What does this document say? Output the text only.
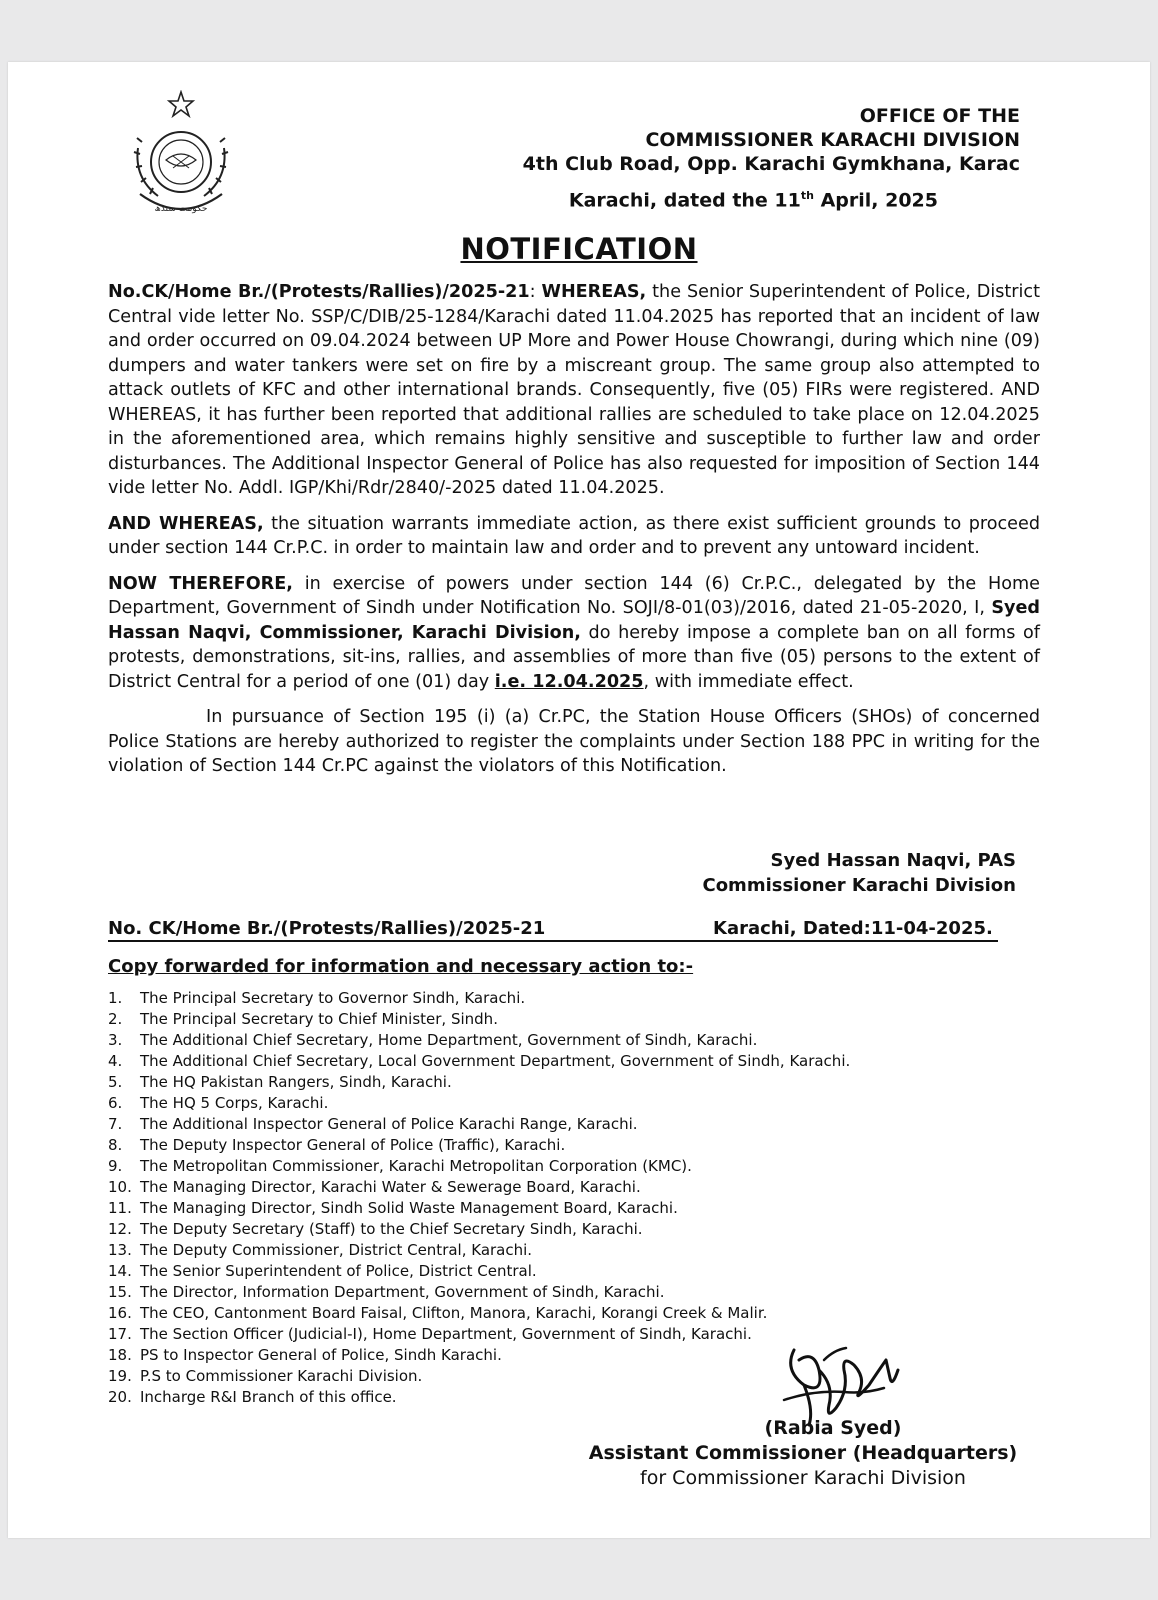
حکومت سندھ
OFFICE OF THE
COMMISSIONER KARACHI DIVISION
4th Club Road, Opp. Karachi Gymkhana, Karac
Karachi, dated the 11th April, 2025
NOTIFICATION

No.CK/Home Br./(Protests/Rallies)/2025-21: WHEREAS, the Senior Superintendent of Police, District Central vide letter No. SSP/C/DIB/25-1284/Karachi dated 11.04.2025 has reported that an incident of law and order occurred on 09.04.2024 between UP More and Power House Chowrangi, during which nine (09) dumpers and water tankers were set on fire by a miscreant group. The same group also attempted to attack outlets of KFC and other international brands. Consequently, five (05) FIRs were registered. AND WHEREAS, it has further been reported that additional rallies are scheduled to take place on 12.04.2025 in the aforementioned area, which remains highly sensitive and susceptible to further law and order disturbances. The Additional Inspector General of Police has also requested for imposition of Section 144 vide letter No. Addl. IGP/Khi/Rdr/2840/-2025 dated 11.04.2025.

AND WHEREAS, the situation warrants immediate action, as there exist sufficient grounds to proceed under section 144 Cr.P.C. in order to maintain law and order and to prevent any untoward incident.

NOW THEREFORE, in exercise of powers under section 144 (6) Cr.P.C., delegated by the Home Department, Government of Sindh under Notification No. SOJI/8-01(03)/2016, dated 21-05-2020, I, Syed Hassan Naqvi, Commissioner, Karachi Division, do hereby impose a complete ban on all forms of protests, demonstrations, sit-ins, rallies, and assemblies of more than five (05) persons to the extent of District Central for a period of one (01) day i.e. 12.04.2025, with immediate effect.

In pursuance of Section 195 (i) (a) Cr.PC, the Station House Officers (SHOs) of concerned Police Stations are hereby authorized to register the complaints under Section 188 PPC in writing for the violation of Section 144 Cr.PC against the violators of this Notification.

Syed Hassan Naqvi, PAS
Commissioner Karachi Division
No. CK/Home Br./(Protests/Rallies)/2025-21	Karachi, Dated:11-04-2025.
Copy forwarded for information and necessary action to:-
1. The Principal Secretary to Governor Sindh, Karachi.
2. The Principal Secretary to Chief Minister, Sindh.
3. The Additional Chief Secretary, Home Department, Government of Sindh, Karachi.
4. The Additional Chief Secretary, Local Government Department, Government of Sindh, Karachi.
5. The HQ Pakistan Rangers, Sindh, Karachi.
6. The HQ 5 Corps, Karachi.
7. The Additional Inspector General of Police Karachi Range, Karachi.
8. The Deputy Inspector General of Police (Traffic), Karachi.
9. The Metropolitan Commissioner, Karachi Metropolitan Corporation (KMC).
10. The Managing Director, Karachi Water & Sewerage Board, Karachi.
11. The Managing Director, Sindh Solid Waste Management Board, Karachi.
12. The Deputy Secretary (Staff) to the Chief Secretary Sindh, Karachi.
13. The Deputy Commissioner, District Central, Karachi.
14. The Senior Superintendent of Police, District Central.
15. The Director, Information Department, Government of Sindh, Karachi.
16. The CEO, Cantonment Board Faisal, Clifton, Manora, Karachi, Korangi Creek & Malir.
17. The Section Officer (Judicial-I), Home Department, Government of Sindh, Karachi.
18. PS to Inspector General of Police, Sindh Karachi.
19. P.S to Commissioner Karachi Division.
20. Incharge R&I Branch of this office.
(Rabia Syed)
Assistant Commissioner (Headquarters)
for Commissioner Karachi Division
